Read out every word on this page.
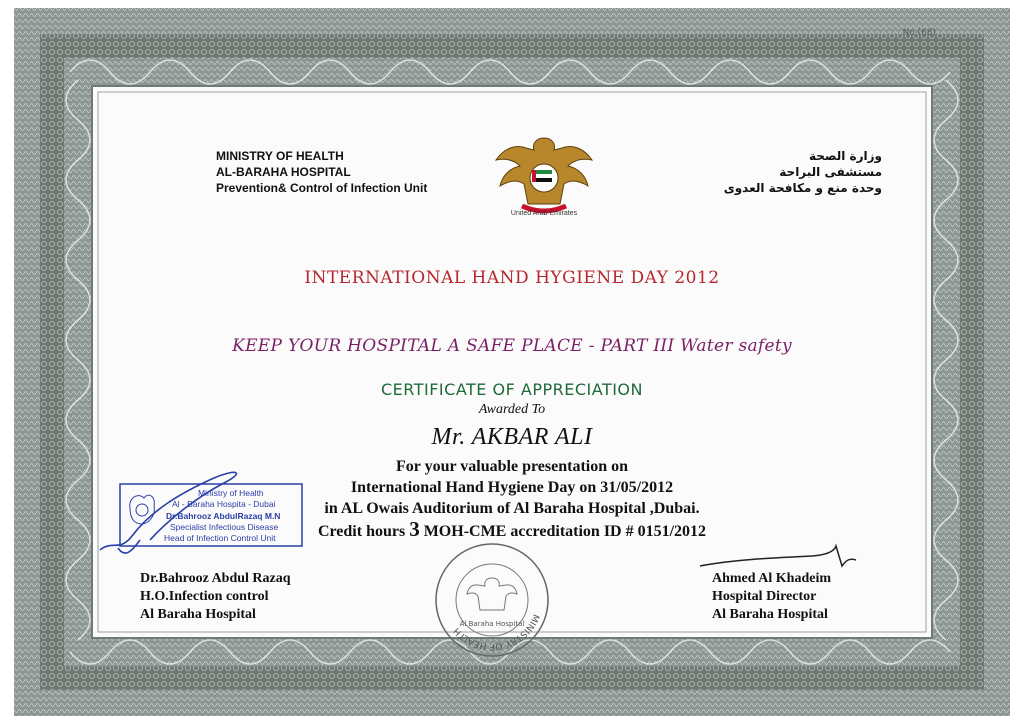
No.(68)
MINISTRY OF HEALTH
AL-BARAHA HOSPITAL
Prevention& Control of Infection Unit
وزارة الصحة
مستشفى البراحة
وحدة منع و مكافحة العدوى
United Arab Emirates
INTERNATIONAL HAND HYGIENE DAY 2012
KEEP YOUR HOSPITAL A SAFE PLACE - PART III Water safety
CERTIFICATE OF APPRECIATION
Awarded To
Mr. AKBAR ALI
For your valuable presentation on
International Hand Hygiene Day on 31/05/2012
in AL Owais Auditorium of Al Baraha Hospital ,Dubai.
Credit hours 3 MOH-CME accreditation ID # 0151/2012
Ministry of Health
Al - Baraha Hospita - Dubai
Dr.Bahrooz AbdulRazaq M.N
Specialist Infectious Disease
Head of Infection Control Unit
MINISTRY OF HEALTH
Al Baraha Hospital
Dr.Bahrooz Abdul Razaq
H.O.Infection control
Al Baraha Hospital
Ahmed Al Khadeim
Hospital Director
Al Baraha Hospital
